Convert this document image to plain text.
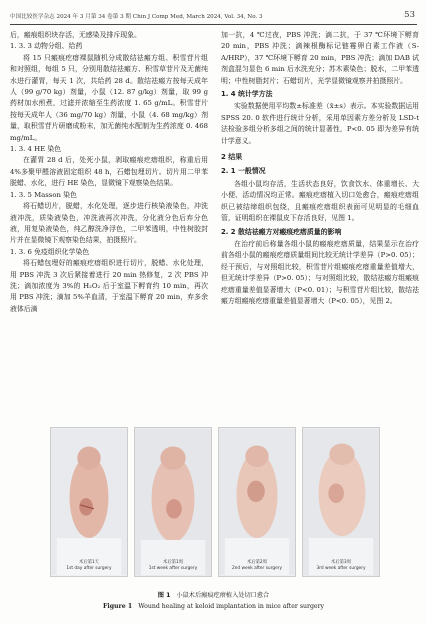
中国比较医学杂志 2024 年 3 月第 34 卷第 3 期 Chin J Comp Med, March 2024, Vol. 34, No. 3	53

后，瘢痕组织块存活，无感染及排斥现象。

1. 3. 3 动物分组、给药

将 15 只瘢痕疙瘩裸鼠随机分成散结祛瘢方组、积雪苷片组和对照组，每组 5 只，分别用散结祛瘢方、积雪草苷片及无菌纯水进行灌胃，每天 1 次，共给药 28 d。散结祛瘢方按每天成年人（99 g/70 kg）剂量，小鼠（12. 87 g/kg）剂量，取 99 g 药材加水煎煮，过滤并浓缩至生药浓度 1. 65 g/mL。积雪苷片按每天成年人（36 mg/70 kg）剂量，小鼠（4. 68 mg/kg）剂量，取积雪苷片研磨成粉末，加无菌纯水配制为生药浓度 0. 468 mg/mL。

1. 3. 4 HE 染色

在灌胃 28 d 后，处死小鼠，剥取瘢痕疙瘩组织，称重后用 4%多聚甲醛溶液固定组织 48 h，石蜡包埋切片。切片用二甲苯脱蜡、水化，进行 HE 染色，显微镜下观察染色结果。

1. 3. 5 Masson 染色

将石蜡切片，脱蜡，水化处理，逐步进行核染液染色，冲洗液冲洗，质染液染色，冲洗液再次冲洗，分化液分色后弃分色液，用复染液染色，纯乙醇洗净浮色，二甲苯透明，中性树胶封片并在显微镜下观察染色结果，拍摄照片。

1. 3. 6 免疫组织化学染色

将石蜡包埋好的瘢痕疙瘩组织进行切片，脱蜡、水化处理，用 PBS 冲洗 3 次后紧接着进行 20 min 热修复，2 次 PBS 冲洗；滴加浓度为 3%的 H₂O₂ 后于室温下孵育约 10 min，再次用 PBS 冲洗；滴加 5%羊血清，于室温下孵育 20 min，弃多余液体后滴

加一抗，4 ℃过夜，PBS 冲洗；滴二抗，于 37 ℃环境下孵育 20 min，PBS 冲洗；滴辣根酶标记链霉卵白素工作液（S-A/HRP），37 ℃环境下孵育 20 min，PBS 冲洗；滴加 DAB 试剂盒混匀显色 6 min 后水洗充分；苏木素染色；脱水，二甲苯透明；中性树脂封片；石蜡切片，光学显微镜观察并拍摄照片。

1. 4 统计学方法

实验数据使用平均数±标准差（x̄±s）表示。本实验数据运用 SPSS 20. 0 软件进行统计分析，采用单因素方差分析及 LSD-t 法检验多组分析多组之间的统计显著性，P<0. 05 即为差异有统计学意义。

2 结果

2. 1 一般情况

各组小鼠均存活，生活状态良好，饮食饮水、体重增长、大小便、活动情况均正常。瘢痕疙瘩植入切口处愈合，瘢痕疙瘩组织已被结缔组织包绕，且瘢痕疙瘩组织表面可见明显的毛细血管，证明组织在裸鼠皮下存活良好，见图 1。

2. 2 散结祛瘢方对瘢痕疙瘩质量的影响

在治疗前后称量各组小鼠的瘢痕疙瘩质量，结果显示在治疗前各组小鼠的瘢痕疙瘩质量组间比较无统计学差异（P>0. 05）；经干预后，与对照组比较，积雪苷片组瘢痕疙瘩重量差值增大，但无统计学差异（P>0. 05）；与对照组比较，散结祛瘢方组瘢痕疙瘩重量差值显著增大（P<0. 01）；与积雪苷片组比较，散结祛瘢方组瘢痕疙瘩重量差值显著增大（P<0. 05），见图 2。

术后第1天
1st day after surgery
术后第1周
1st week after surgery
术后第2周
2nd week after surgery
术后第3周
3rd week after surgery
图 1 小鼠术后瘢痕疙瘩植入处切口愈合
Figure 1 Wound healing at keloid implantation in mice after surgery
